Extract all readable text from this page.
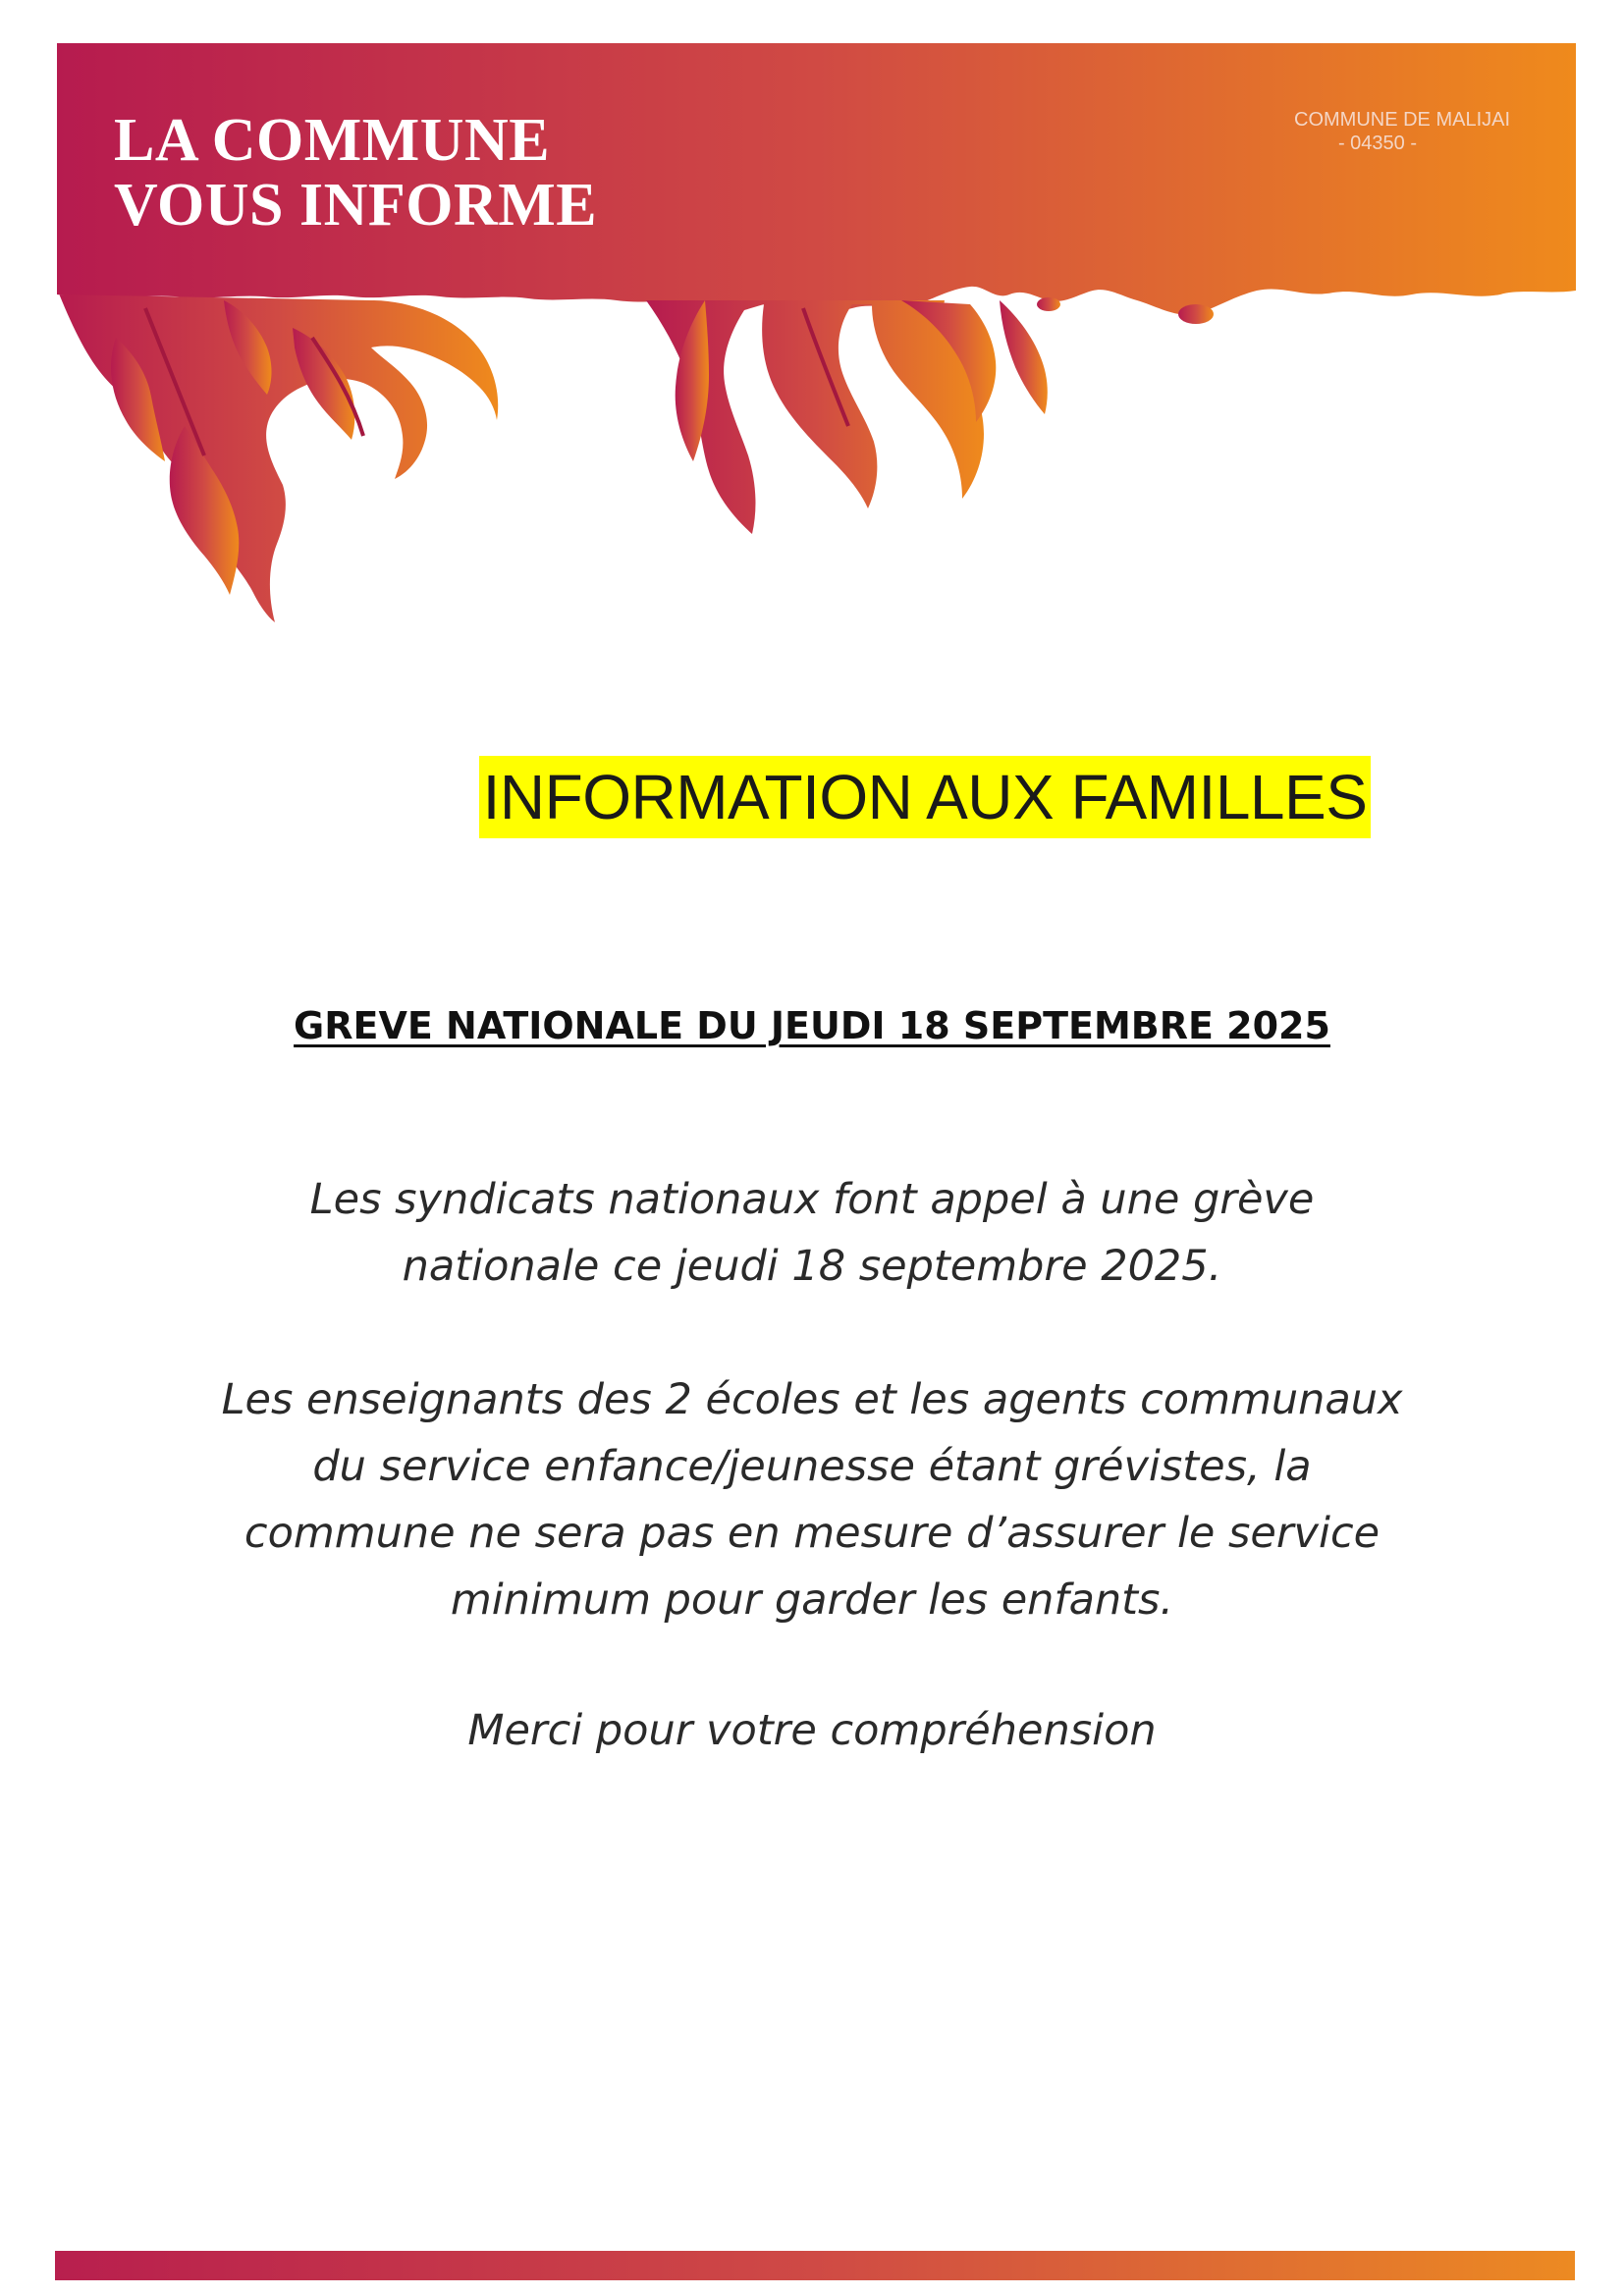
LA COMMUNE
VOUS INFORME
COMMUNE DE MALIJAI
- 04350 -
INFORMATION AUX FAMILLES
GREVE NATIONALE DU JEUDI 18 SEPTEMBRE 2025

Les syndicats nationaux font appel à une grève
nationale ce jeudi 18 septembre 2025.

Les enseignants des 2 écoles et les agents communaux
du service enfance/jeunesse étant grévistes, la
commune ne sera pas en mesure d’assurer le service
minimum pour garder les enfants.

Merci pour votre compréhension
